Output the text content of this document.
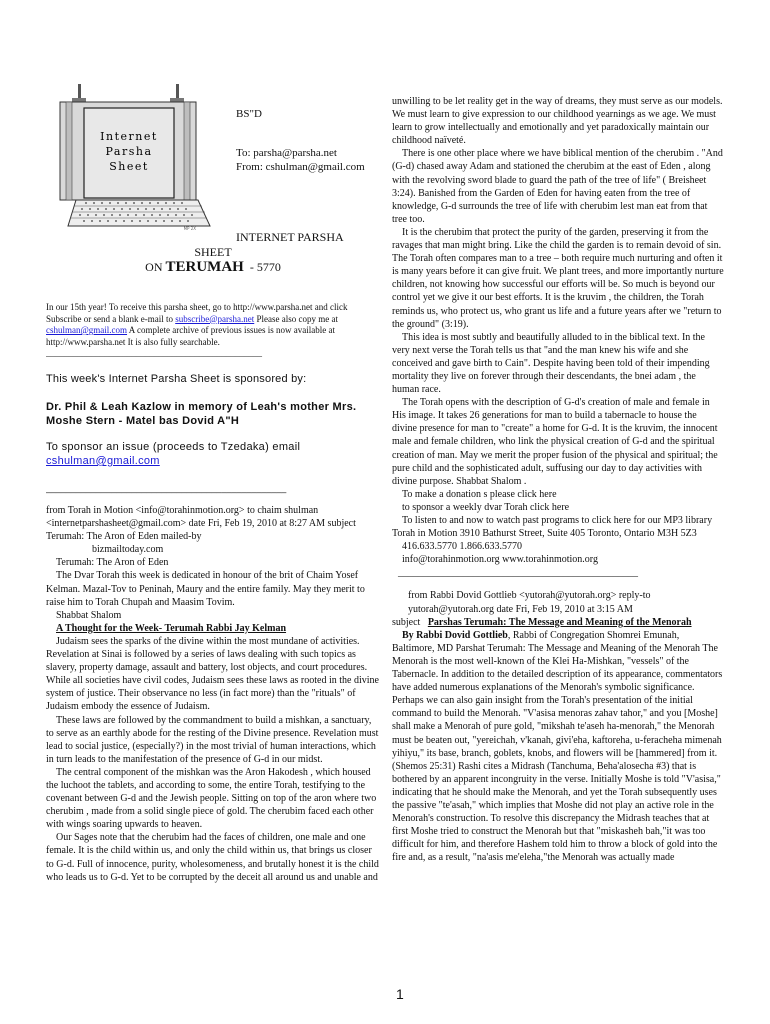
Internet
Parsha
Sheet
MP 2X
BS"D
To: parsha@parsha.net
From: cshulman@gmail.com
INTERNET PARSHA
SHEET
ON TERUMAH - 5770
In our 15th year! To receive this parsha sheet, go to http://www.parsha.net and click Subscribe or send a blank e-mail to subscribe@parsha.net Please also copy me at cshulman@gmail.com A complete archive of previous issues is now available at http://www.parsha.net It is also fully searchable.
________________________________________________

This week's Internet Parsha Sheet is sponsored by:

Dr. Phil & Leah Kazlow in memory of Leah's mother Mrs. Moshe Stern - Matel bas Dovid A"H

To sponsor an issue (proceeds to Tzedaka) email cshulman@gmail.com

________________________________________________

from Torah in Motion <info@torahinmotion.org> to chaim shulman <internetparshasheet@gmail.com> date Fri, Feb 19, 2010 at 8:27 AM subject Terumah: The Aron of Eden mailed-by

bizmailtoday.com

Terumah: The Aron of Eden

The Dvar Torah this week is dedicated in honour of the brit of Chaim Yosef Kelman. Mazal-Tov to Peninah, Maury and the entire family. May they merit to raise him to Torah Chupah and Maasim Tovim.

Shabbat Shalom

A Thought for the Week- Terumah Rabbi Jay Kelman

Judaism sees the sparks of the divine within the most mundane of activities. Revelation at Sinai is followed by a series of laws dealing with such topics as slavery, property damage, assault and battery, lost objects, and court procedures. While all societies have civil codes, Judaism sees these laws as rooted in the divine system of justice. Their observance no less (in fact more) than the "rituals" of Judaism embody the essence of Judaism.

These laws are followed by the commandment to build a mishkan, a sanctuary, to serve as an earthly abode for the resting of the Divine presence. Revelation must lead to social justice, (especially?) in the most trivial of human interactions, which in turn leads to the manifestation of the presence of G-d in our midst.

The central component of the mishkan was the Aron Hakodesh , which housed the luchoot the tablets, and according to some, the entire Torah, testifying to the covenant between G-d and the Jewish people. Sitting on top of the aron where two cherubim , made from a solid single piece of gold. The cherubim faced each other with wings soaring upwards to heaven.

Our Sages note that the cherubim had the faces of children, one male and one female. It is the child within us, and only the child within us, that brings us closer to G-d. Full of innocence, purity, wholesomeness, and brutally honest it is the child who leads us to G-d. Yet to be corrupted by the deceit all around us and unable and

unwilling to be let reality get in the way of dreams, they must serve as our models. We must learn to give expression to our childhood yearnings as we age. We must learn to grow intellectually and emotionally and yet paradoxically maintain our childhood naïveté.

There is one other place where we have biblical mention of the cherubim . "And (G-d) chased away Adam and stationed the cherubim at the east of Eden , along with the revolving sword blade to guard the path of the tree of life" ( Breisheet 3:24). Banished from the Garden of Eden for having eaten from the tree of knowledge, G-d surrounds the tree of life with cherubim lest man eat from that tree too.

It is the cherubim that protect the purity of the garden, preserving it from the ravages that man might bring. Like the child the garden is to remain devoid of sin. The Torah often compares man to a tree – both require much nurturing and often it is many years before it can give fruit. We plant trees, and more importantly nurture children, not knowing how successful our efforts will be. So much is beyond our control yet we give it our best efforts. It is the kruvim , the children, the Torah reminds us, who protect us, who grant us life and a future years after we "return to the ground" (3:19).

This idea is most subtly and beautifully alluded to in the biblical text. In the very next verse the Torah tells us that "and the man knew his wife and she conceived and gave birth to Cain". Despite having been told of their impending mortality they live on forever through their descendants, the bnei adam , the human race.

The Torah opens with the description of G-d's creation of male and female in His image. It takes 26 generations for man to build a tabernacle to house the divine presence for man to "create" a home for G-d. It is the kruvim, the innocent male and female children, who link the physical creation of G-d and the spiritual creation of man. May we merit the proper fusion of the physical and spiritual; the pure child and the sophisticated adult, suffusing our day to day activities with divine purpose. Shabbat Shalom .

To make a donation s please click here

to sponsor a weekly dvar Torah click here

To listen to and now to watch past programs to click here for our MP3 library Torah in Motion 3910 Bathurst Street, Suite 405 Toronto, Ontario M3H 5Z3

416.633.5770 1.866.633.5770

info@torahinmotion.org www.torahinmotion.org

________________________________________________

from Rabbi Dovid Gottlieb <yutorah@yutorah.org> reply-to yutorah@yutorah.org date Fri, Feb 19, 2010 at 3:15 AM

subject Parshas Terumah: The Message and Meaning of the Menorah

By Rabbi Dovid Gottlieb, Rabbi of Congregation Shomrei Emunah, Baltimore, MD Parshat Terumah: The Message and Meaning of the Menorah The Menorah is the most well-known of the Klei Ha-Mishkan, "vessels" of the Tabernacle. In addition to the detailed description of its appearance, commentators have added numerous explanations of the Menorah's symbolic significance. Perhaps we can also gain insight from the Torah's presentation of the initial command to build the Menorah. "V'asisa menoras zahav tahor," and you [Moshe] shall make a Menorah of pure gold, "mikshah te'aseh ha-menorah," the Menorah must be beaten out, "yereichah, v'kanah, givi'eha, kaftoreha, u-feracheha mimenah yihiyu," its base, branch, goblets, knobs, and flowers will be [hammered] from it. (Shemos 25:31) Rashi cites a Midrash (Tanchuma, Beha'alosecha #3) that is bothered by an apparent incongruity in the verse. Initially Moshe is told "V'asisa," indicating that he should make the Menorah, and yet the Torah subsequently uses the passive "te'asah," which implies that Moshe did not play an active role in the Menorah's construction. To resolve this discrepancy the Midrash teaches that at first Moshe tried to construct the Menorah but that "miskasheh bah,"it was too difficult for him, and therefore Hashem told him to throw a block of gold into the fire and, as a result, "na'asis me'eleha,"the Menorah was actually made

1
